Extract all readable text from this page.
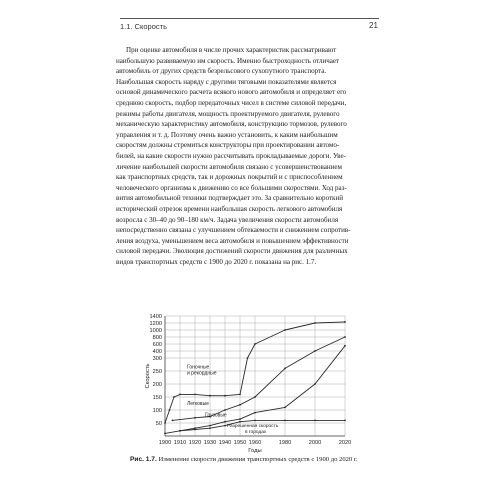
1.1. Скорость	21

При оценке автомобиля в числе прочих характеристик рассматривают
наибольшую развиваемую им скорость. Именно быстроходность отличает
автомобиль от других средств безрельсового сухопутного транспорта.
Наибольшая скорость наряду с другими тяговыми показателями является
основой динамического расчета всякого нового автомобиля и определяет его
среднюю скорость, подбор передаточных чисел в системе силовой передачи,
режимы работы двигателя, мощность проектируемого двигателя, рулевого
механическую характеристику автомобиля, конструкцию тормозов, рулевого
управления и т. д. Поэтому очень важно установить, к каким наибольшим
скоростям должны стремиться конструкторы при проектировании автомо-
билей, на какие скорости нужно рассчитывать прокладываемые дороги. Уве-
личение наибольшей скорости автомобиля связано с усовершенствованием
как транспортных средств, так и дорожных покрытий и с приспособлением
человеческого организма к движению со все большими скоростями. Ход раз-
вития автомобильной техники подтверждает это. За сравнительно короткий
исторический отрезок времени наибольшая скорость легкового автомобиля
возросла с 30–40 до 90–180 км/ч. Задача увеличения скорости автомобиля
непосредственно связана с улучшением обтекаемости и снижением сопротив-
ления воздуха, уменьшением веса автомобиля и повышением эффективности
силовой передачи. Эволюция достижений скорости движения для различных
видов транспортных средств с 1900 до 2020 г. показана на рис. 1.7.

50
100
150
200
250
300
400
600
800
1000
1200
1400
1900 1910 1920 1930 1940 1950 1960	1980	2000	2020
Годы
Скорость	Гоночные
и рекордные
Легковые
Грузовые
Разрешенная скорость
в городах
Рис. 1.7. Изменение скорости движения транспортных средств с 1900 до 2020 г.
